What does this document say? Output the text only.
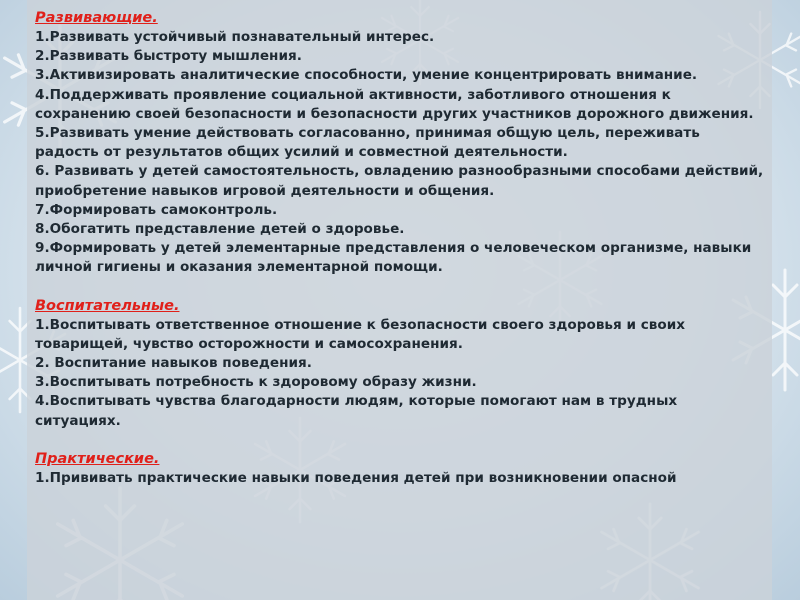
Развивающие.

1.Развивать устойчивый познавательный интерес.

2.Развивать быстроту мышления.

3.Активизировать аналитические способности, умение концентрировать внимание.

4.Поддерживать проявление социальной активности, заботливого отношения к сохранению своей безопасности и безопасности других участников дорожного движения.

5.Развивать умение действовать согласованно, принимая общую цель, переживать радость от результатов общих усилий и совместной деятельности.

6. Развивать у детей самостоятельность, овладению разнообразными способами действий, приобретение навыков игровой деятельности и общения.

7.Формировать самоконтроль.

8.Обогатить представление детей о здоровье.

9.Формировать у детей элементарные представления о человеческом организме, навыки личной гигиены и оказания элементарной помощи.

Воспитательные.

1.Воспитывать ответственное отношение к безопасности своего здоровья и своих товарищей, чувство осторожности и самосохранения.

2. Воспитание навыков поведения.

3.Воспитывать потребность к здоровому образу жизни.

4.Воспитывать чувства благодарности людям, которые помогают нам в трудных ситуациях.

Практические.

1.Прививать практические навыки поведения детей при возникновении опасной
